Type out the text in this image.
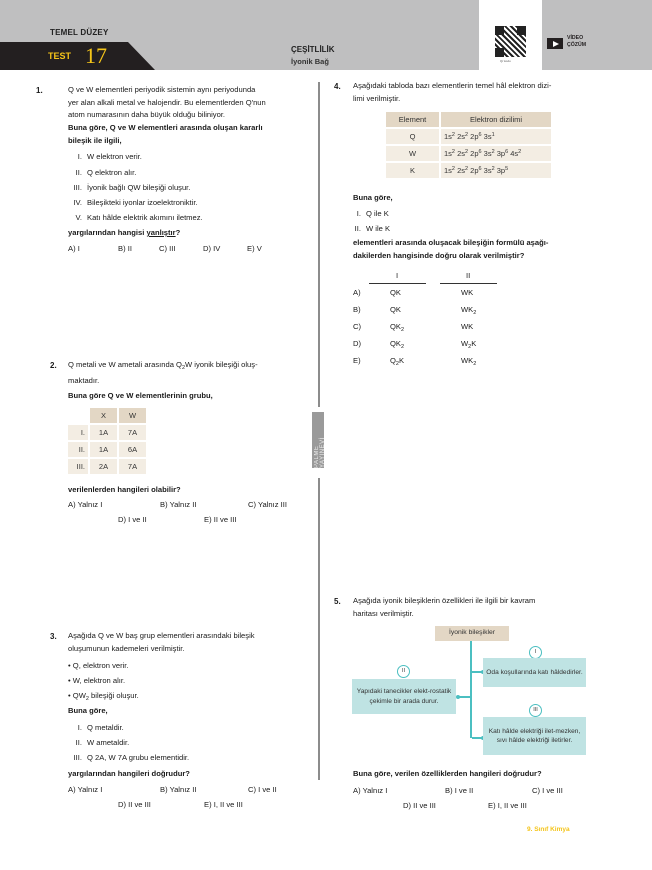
TEMEL DÜZEY
TEST 17	ÇEŞİTLİLİK
İyonik Bağ	Qr kodu
VİDEO
ÇÖZÜM
PALME YAYINEVİ
1.	Q ve W elementleri periyodik sistemin aynı periyodunda
yer alan alkali metal ve halojendir. Bu elementlerden Q'nun
atom numarasının daha büyük olduğu biliniyor.
Buna göre, Q ve W elementleri arasında oluşan kararlı
bileşik ile ilgili,
I. W elektron verir.
II. Q elektron alır.
III. İyonik bağlı QW bileşiği oluşur.
IV. Bileşikteki iyonlar izoelektroniktir.
V. Katı hâlde elektrik akımını iletmez.
yargılarından hangisi yanlıştır?
A) I	B) II	C) III	D) IV	E) V
2. Q metali ve W ametali arasında $Q_2W$ iyonik bileşiği oluş-
maktadır.
Buna göre Q ve W elementlerinin grubu,
	X	W
I.	1A	7A
II.	1A	6A
III.	2A	7A
verilenlerden hangileri olabilir?
A) Yalnız I	B) Yalnız II	C) Yalnız III
D) I ve II	E) II ve III
3. Aşağıda Q ve W baş grup elementleri arasındaki bileşik
oluşumunun kademeleri verilmiştir.
• Q, elektron verir.
• W, elektron alır.
• $QW_2$ bileşiği oluşur.
Buna göre,
I. Q metaldir.
II. W ametaldir.
III. Q 2A, W 7A grubu elementidir.
yargılarından hangileri doğrudur?
A) Yalnız I	B) Yalnız II	C) I ve II
D) II ve III	E) I, II ve III
4. Aşağıdaki tabloda bazı elementlerin temel hâl elektron dizi-
limi verilmiştir.
Element	Elektron dizilimi
Q	$1s^2$ $2s^2$ $2p^6$ $3s^1$
W	$1s^2$ $2s^2$ $2p^6$ $3s^2$ $3p^6$ $4s^2$
K	$1s^2$ $2s^2$ $2p^6$ $3s^2$ $3p^5$
Buna göre,
I. Q ile K
II. W ile K
elementleri arasında oluşacak bileşiğin formülü aşağı-
dakilerden hangisinde doğru olarak verilmiştir?
I	II
A)	QK	WK
B)	QK	$WK_2$
C)	$QK_2$	WK
D)	$QK_2$	$W_2K$
E)	$Q_2K$	$WK_2$
5. Aşağıda iyonik bileşiklerin özellikleri ile ilgili bir kavram
haritası verilmiştir.
İyonik bileşikler
I
Oda koşullarında katı hâldedirler.
II
Yapıdaki tanecikler elekt-rostatik çekimle bir arada durur.
III
Katı hâlde elektriği ilet-mezken, sıvı hâlde elektriği iletirler.
Buna göre, verilen özelliklerden hangileri doğrudur?
A) Yalnız I	B) I ve II	C) I ve III
D) II ve III	E) I, II ve III
9. Sınıf Kimya
